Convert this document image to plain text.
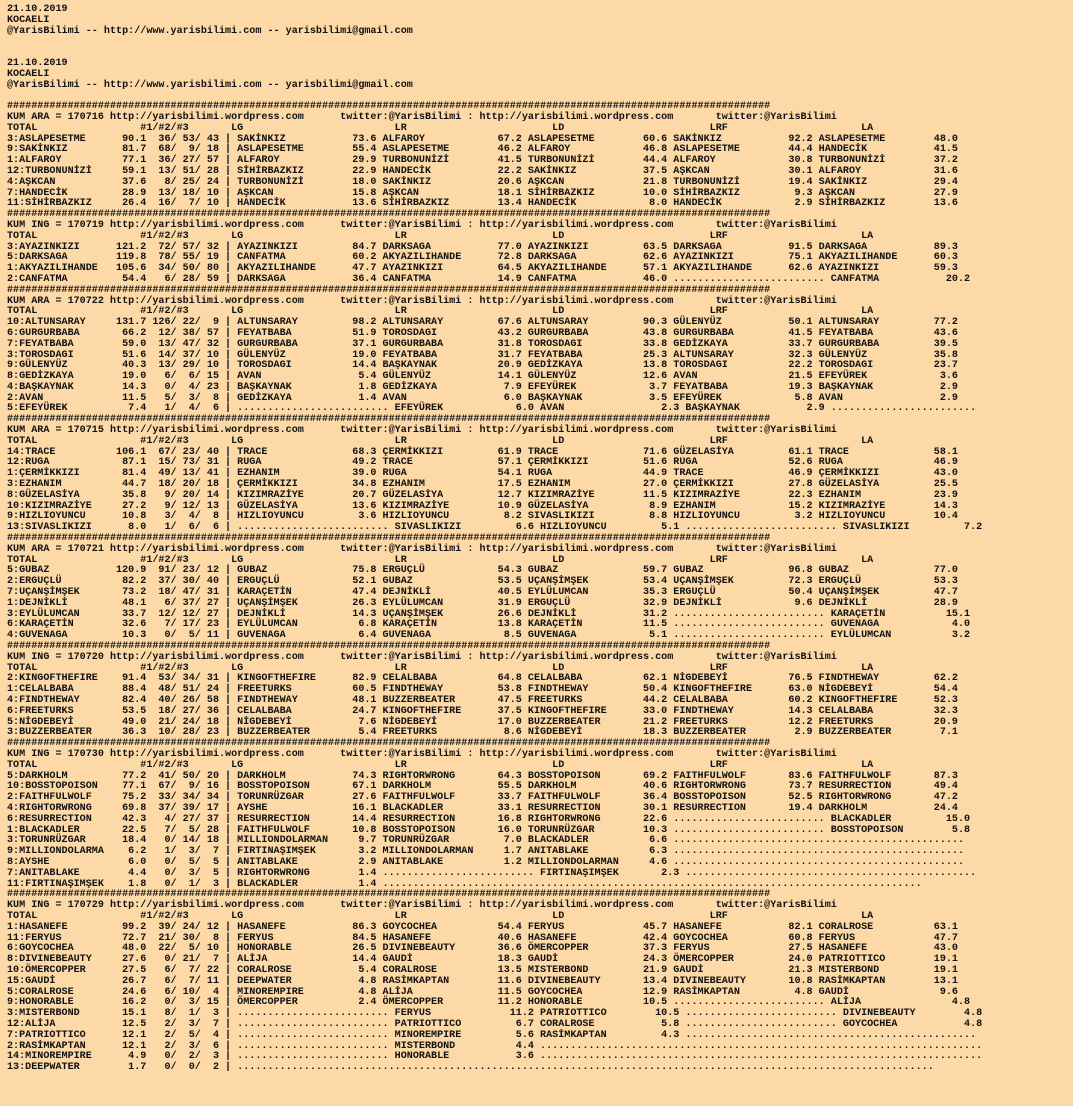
21.10.2019
KOCAELI
@YarisBilimi -- http://www.yarisbilimi.com -- yarisbilimi@gmail.com
21.10.2019
KOCAELI
@YarisBilimi -- http://www.yarisbilimi.com -- yarisbilimi@gmail.com
##############################################################################################################################
KUM ARA = 170716 http://yarisbilimi.wordpress.com      twitter:@YarisBilimi : http://yarisbilimi.wordpress.com       twitter:@YarisBilimi
TOTAL                 #1/#2/#3       LG                         LR                        LD                        LRF                      LA
3:ASLAPESETME      90.1  36/ 53/ 43 | SAKİNKIZ           73.6 ALFAROY            67.2 ASLAPESETME        60.6 SAKİNKIZ           92.2 ASLAPESETME        48.0
9:SAKİNKIZ         81.7  68/  9/ 18 | ASLAPESETME        55.4 ASLAPESETME        46.2 ALFAROY            46.8 ASLAPESETME        44.4 HANDECİK           41.5
1:ALFAROY          77.1  36/ 27/ 57 | ALFAROY            29.9 TURBONUNİZİ        41.5 TURBONUNİZİ        44.4 ALFAROY            30.8 TURBONUNİZİ        37.2
12:TURBONUNİZİ     59.1  13/ 51/ 28 | SİHİRBAZKIZ        22.9 HANDECİK           22.2 SAKİNKIZ           37.5 AŞKCAN             30.1 ALFAROY            31.6
4:AŞKCAN           37.6   8/ 25/ 24 | TURBONUNİZİ        18.0 SAKİNKIZ           20.6 AŞKCAN             21.8 TURBONUNİZİ        19.4 SAKİNKIZ           29.4
7:HANDECİK         28.9  13/ 18/ 10 | AŞKCAN             15.8 AŞKCAN             18.1 SİHİRBAZKIZ        10.0 SİHİRBAZKIZ         9.3 AŞKCAN             27.9
11:SİHİRBAZKIZ     26.4  16/  7/ 10 | HANDECİK           13.6 SİHİRBAZKIZ        13.4 HANDECİK            8.0 HANDECİK            2.9 SİHİRBAZKIZ        13.6
##############################################################################################################################
KUM ING = 170719 http://yarisbilimi.wordpress.com      twitter:@YarisBilimi : http://yarisbilimi.wordpress.com       twitter:@YarisBilimi
TOTAL                 #1/#2/#3       LG                         LR                        LD                        LRF                      LA
3:AYAZINKIZI      121.2  72/ 57/ 32 | AYAZINKIZI         84.7 DARKSAGA           77.0 AYAZINKIZI         63.5 DARKSAGA           91.5 DARKSAGA           89.3
5:DARKSAGA        119.8  78/ 55/ 19 | CANFATMA           60.2 AKYAZILIHANDE      72.8 DARKSAGA           62.6 AYAZINKIZI         75.1 AKYAZILIHANDE      60.3
1:AKYAZILIHANDE   105.6  34/ 50/ 80 | AKYAZILIHANDE      47.7 AYAZINKIZI         64.5 AKYAZILIHANDE      57.1 AKYAZILIHANDE      62.6 AYAZINKIZI         59.3
2:CANFATMA         54.4   6/ 28/ 59 | DARKSAGA           36.4 CANFATMA           14.9 CANFATMA           46.0 ......................... CANFATMA           20.2
##############################################################################################################################
KUM ARA = 170722 http://yarisbilimi.wordpress.com      twitter:@YarisBilimi : http://yarisbilimi.wordpress.com       twitter:@YarisBilimi
TOTAL                 #1/#2/#3       LG                         LR                        LD                        LRF                      LA
10:ALTUNSARAY     131.7 126/ 22/  9 | ALTUNSARAY         98.2 ALTUNSARAY         67.6 ALTUNSARAY         90.3 GÜLENYÜZ           50.1 ALTUNSARAY         77.2
6:GURGURBABA       66.2  12/ 38/ 57 | FEYATBABA          51.9 TOROSDAGI          43.2 GURGURBABA         43.8 GURGURBABA         41.5 FEYATBABA          43.6
7:FEYATBABA        59.0  13/ 47/ 32 | GURGURBABA         37.1 GURGURBABA         31.8 TOROSDAGI          33.8 GEDİZKAYA          33.7 GURGURBABA         39.5
3:TOROSDAGI        51.6  14/ 37/ 10 | GÜLENYÜZ           19.0 FEYATBABA          31.7 FEYATBABA          25.3 ALTUNSARAY         32.3 GÜLENYÜZ           35.8
9:GÜLENYÜZ         40.3  13/ 29/ 10 | TOROSDAGI          14.4 BAŞKAYNAK          20.9 GEDİZKAYA          13.8 TOROSDAGI          22.2 TOROSDAGI          23.7
8:GEDİZKAYA        19.0   6/  6/ 15 | AVAN                5.4 GÜLENYÜZ           14.1 GÜLENYÜZ           12.6 AVAN               21.5 EFEYÜREK            3.6
4:BAŞKAYNAK        14.3   0/  4/ 23 | BAŞKAYNAK           1.8 GEDİZKAYA           7.9 EFEYÜREK            3.7 FEYATBABA          19.3 BAŞKAYNAK           2.9
2:AVAN             11.5   5/  3/  8 | GEDİZKAYA           1.4 AVAN                6.0 BAŞKAYNAK           3.5 EFEYÜREK            5.8 AVAN                2.9
5:EFEYÜREK          7.4   1/  4/  6 | ......................... EFEYÜREK            6.0 AVAN                2.3 BAŞKAYNAK           2.9 ........................
##############################################################################################################################
KUM ARA = 170715 http://yarisbilimi.wordpress.com      twitter:@YarisBilimi : http://yarisbilimi.wordpress.com       twitter:@YarisBilimi
TOTAL                 #1/#2/#3       LG                         LR                        LD                        LRF                      LA
14:TRACE          106.1  67/ 23/ 40 | TRACE              68.3 ÇERMİKKIZI         61.9 TRACE              71.6 GÜZELASİYA         61.1 TRACE              58.1
12:RUGA            87.1  15/ 73/ 31 | RUGA               49.2 TRACE              57.1 ÇERMİKKIZI         51.6 RUGA               52.6 RUGA               46.9
1:ÇERMİKKIZI       81.4  49/ 13/ 41 | EZHANIM            39.0 RUGA               54.1 RUGA               44.9 TRACE              46.9 ÇERMİKKIZI         43.0
3:EZHANIM          44.7  18/ 20/ 18 | ÇERMİKKIZI         34.8 EZHANIM            17.5 EZHANIM            27.0 ÇERMİKKIZI         27.8 GÜZELASİYA         25.5
8:GÜZELASİYA       35.8   9/ 20/ 14 | KIZIMRAZİYE        20.7 GÜZELASİYA         12.7 KIZIMRAZİYE        11.5 KIZIMRAZİYE        22.3 EZHANIM            23.9
10:KIZIMRAZİYE     27.2   9/ 12/ 13 | GÜZELASİYA         13.6 KIZIMRAZİYE        10.9 GÜZELASİYA          8.9 EZHANIM            15.2 KIZIMRAZİYE        14.3
9:HIZLIOYUNCU      10.8   3/  4/  8 | HIZLIOYUNCU         3.6 HIZLIOYUNCU         8.2 SIVASLIKIZI         8.8 HIZLIOYUNCU         3.2 HIZLIOYUNCU        10.4
13:SIVASLIKIZI      8.0   1/  6/  6 | ......................... SIVASLIKIZI         6.6 HIZLIOYUNCU         5.1 ......................... SIVASLIKIZI         7.2
##############################################################################################################################
KUM ARA = 170721 http://yarisbilimi.wordpress.com      twitter:@YarisBilimi : http://yarisbilimi.wordpress.com       twitter:@YarisBilimi
TOTAL                 #1/#2/#3       LG                         LR                        LD                        LRF                      LA
5:GUBAZ           120.9  91/ 23/ 12 | GUBAZ              75.8 ERGUÇLÜ            54.3 GUBAZ              59.7 GUBAZ              96.8 GUBAZ              77.0
2:ERGUÇLÜ          82.2  37/ 30/ 40 | ERGUÇLÜ            52.1 GUBAZ              53.5 UÇANŞİMŞEK         53.4 UÇANŞİMŞEK         72.3 ERGUÇLÜ            53.3
7:UÇANŞİMŞEK       73.2  18/ 47/ 31 | KARAÇETİN          47.4 DEJNİKLİ           40.5 EYLÜLUMCAN         35.3 ERGUÇLÜ            50.4 UÇANŞİMŞEK         47.7
1:DEJNİKLİ         48.1   6/ 37/ 27 | UÇANŞİMŞEK         26.3 EYLÜLUMCAN         31.9 ERGUÇLÜ            32.9 DEJNİKLİ            9.6 DEJNİKLİ           28.9
3:EYLÜLUMCAN       33.7  12/ 12/ 27 | DEJNİKLİ           14.3 UÇANŞİMŞEK         26.6 DEJNİKLİ           31.2 ......................... KARAÇETİN          15.1
6:KARAÇETİN        32.6   7/ 17/ 23 | EYLÜLUMCAN          6.8 KARAÇETİN          13.8 KARAÇETİN          11.5 ......................... GUVENAGA            4.0
4:GUVENAGA         10.3   0/  5/ 11 | GUVENAGA            6.4 GUVENAGA            8.5 GUVENAGA            5.1 ......................... EYLÜLUMCAN          3.2
##############################################################################################################################
KUM ING = 170720 http://yarisbilimi.wordpress.com      twitter:@YarisBilimi : http://yarisbilimi.wordpress.com       twitter:@YarisBilimi
TOTAL                 #1/#2/#3       LG                         LR                        LD                        LRF                      LA
2:KINGOFTHEFIRE    91.4  53/ 34/ 31 | KINGOFTHEFIRE      82.9 CELALBABA          64.8 CELALBABA          62.1 NİGDEBEYİ          76.5 FINDTHEWAY         62.2
1:CELALBABA        88.4  48/ 51/ 24 | FREETURKS          60.5 FINDTHEWAY         53.8 FINDTHEWAY         50.4 KINGOFTHEFIRE      63.0 NİGDEBEYİ          54.4
4:FINDTHEWAY       82.4  40/ 26/ 58 | FINDTHEWAY         48.1 BUZZERBEATER       47.5 FREETURKS          44.2 CELALBABA          60.2 KINGOFTHEFIRE      52.3
6:FREETURKS        53.5  18/ 27/ 36 | CELALBABA          24.7 KINGOFTHEFIRE      37.5 KINGOFTHEFIRE      33.0 FINDTHEWAY         14.3 CELALBABA          32.3
5:NİGDEBEYİ        49.0  21/ 24/ 18 | NİGDEBEYİ           7.6 NİGDEBEYİ          17.0 BUZZERBEATER       21.2 FREETURKS          12.2 FREETURKS          20.9
3:BUZZERBEATER     36.3  10/ 28/ 23 | BUZZERBEATER        5.4 FREETURKS           8.6 NİGDEBEYİ          18.3 BUZZERBEATER        2.9 BUZZERBEATER        7.1
##############################################################################################################################
KUM ING = 170730 http://yarisbilimi.wordpress.com      twitter:@YarisBilimi : http://yarisbilimi.wordpress.com       twitter:@YarisBilimi
TOTAL                 #1/#2/#3       LG                         LR                        LD                        LRF                      LA
5:DARKHOLM         77.2  41/ 50/ 20 | DARKHOLM           74.3 RIGHTORWRONG       64.3 BOSSTOPOISON       69.2 FAITHFULWOLF       83.6 FAITHFULWOLF       87.3
10:BOSSTOPOISON    77.1  67/  9/ 16 | BOSSTOPOISON       67.1 DARKHOLM           55.5 DARKHOLM           40.6 RIGHTORWRONG       73.7 RESURRECTION       49.4
2:FAITHFULWOLF     75.2  33/ 34/ 34 | TORUNRÜZGAR        27.6 FAITHFULWOLF       33.7 FAITHFULWOLF       36.4 BOSSTOPOISON       52.5 RIGHTORWRONG       47.2
4:RIGHTORWRONG     69.8  37/ 39/ 17 | AYSHE              16.1 BLACKADLER         33.1 RESURRECTION       30.1 RESURRECTION       19.4 DARKHOLM           24.4
6:RESURRECTION     42.3   4/ 27/ 37 | RESURRECTION       14.4 RESURRECTION       16.8 RIGHTORWRONG       22.6 ......................... BLACKADLER         15.0
1:BLACKADLER       22.5   7/  5/ 28 | FAITHFULWOLF       10.8 BOSSTOPOISON       16.0 TORUNRÜZGAR        10.3 ......................... BOSSTOPOISON        5.8
3:TORUNRÜZGAR      18.4   0/ 14/ 18 | MILLIONDOLARMAN     9.7 TORUNRÜZGAR         7.0 BLACKADLER          6.6 ................................................
9:MILLIONDOLARMA    6.2   1/  3/  7 | FIRTINAŞIMŞEK       3.2 MILLIONDOLARMAN     1.7 ANITABLAKE          6.3 ................................................
8:AYSHE             6.0   0/  5/  5 | ANITABLAKE          2.9 ANITABLAKE          1.2 MILLIONDOLARMAN     4.6 ................................................
7:ANITABLAKE        4.4   0/  3/  5 | RIGHTORWRONG        1.4 ......................... FIRTINAŞIMŞEK       2.3 ................................................
11:FIRTINAŞIMŞEK    1.8   0/  1/  3 | BLACKADLER          1.4 .........................................................................................
##############################################################################################################################
KUM ING = 170729 http://yarisbilimi.wordpress.com      twitter:@YarisBilimi : http://yarisbilimi.wordpress.com       twitter:@YarisBilimi
TOTAL                 #1/#2/#3       LG                         LR                        LD                        LRF                      LA
1:HASANEFE         99.2  39/ 24/ 12 | HASANEFE           86.3 GOYCOCHEA          54.4 FERYUS             45.7 HASANEFE           82.1 CORALROSE          63.1
11:FERYUS          72.7  21/ 30/  8 | FERYUS             84.5 HASANEFE           40.6 HASANEFE           42.4 GOYCOCHEA          60.8 FERYUS             47.7
6:GOYCOCHEA        48.0  22/  5/ 10 | HONORABLE          26.5 DIVINEBEAUTY       36.6 ÖMERCOPPER         37.3 FERYUS             27.5 HASANEFE           43.0
8:DIVINEBEAUTY     27.6   0/ 21/  7 | ALİJA              14.4 GAUDİ              18.3 GAUDİ              24.3 ÖMERCOPPER         24.0 PATRIOTTICO        19.1
10:ÖMERCOPPER      27.5   6/  7/ 22 | CORALROSE           5.4 CORALROSE          13.5 MISTERBOND         21.9 GAUDİ              21.3 MISTERBOND         19.1
15:GAUDİ           26.7   6/  7/ 11 | DEEPWATER           4.8 RASİMKAPTAN        11.6 DIVINEBEAUTY       13.4 DIVINEBEAUTY       10.8 RASİMKAPTAN        13.1
5:CORALROSE        24.6   6/ 10/  4 | MINOREMPIRE         4.8 ALİJA              11.5 GOYCOCHEA          12.9 RASİMKAPTAN         4.8 GAUDİ               9.6
9:HONORABLE        16.2   0/  3/ 15 | ÖMERCOPPER          2.4 ÖMERCOPPER         11.2 HONORABLE          10.5 ......................... ALİJA               4.8
3:MISTERBOND       15.1   8/  1/  3 | ......................... FERYUS             11.2 PATRIOTTICO        10.5 ......................... DIVINEBEAUTY        4.8
12:ALİJA           12.5   2/  3/  7 | ......................... PATRIOTTICO         6.7 CORALROSE           5.8 ......................... GOYCOCHEA           4.8
7:PATRIOTTICO      12.1   2/  5/  4 | ......................... MINOREMPIRE         5.6 RASİMKAPTAN         4.3 ................................................
2:RASİMKAPTAN      12.1   2/  3/  6 | ......................... MISTERBOND          4.4 .........................................................................
14:MINOREMPIRE      4.9   0/  2/  3 | ......................... HONORABLE           3.6 .........................................................................
13:DEEPWATER        1.7   0/  0/  2 | ...................................................................................................................
